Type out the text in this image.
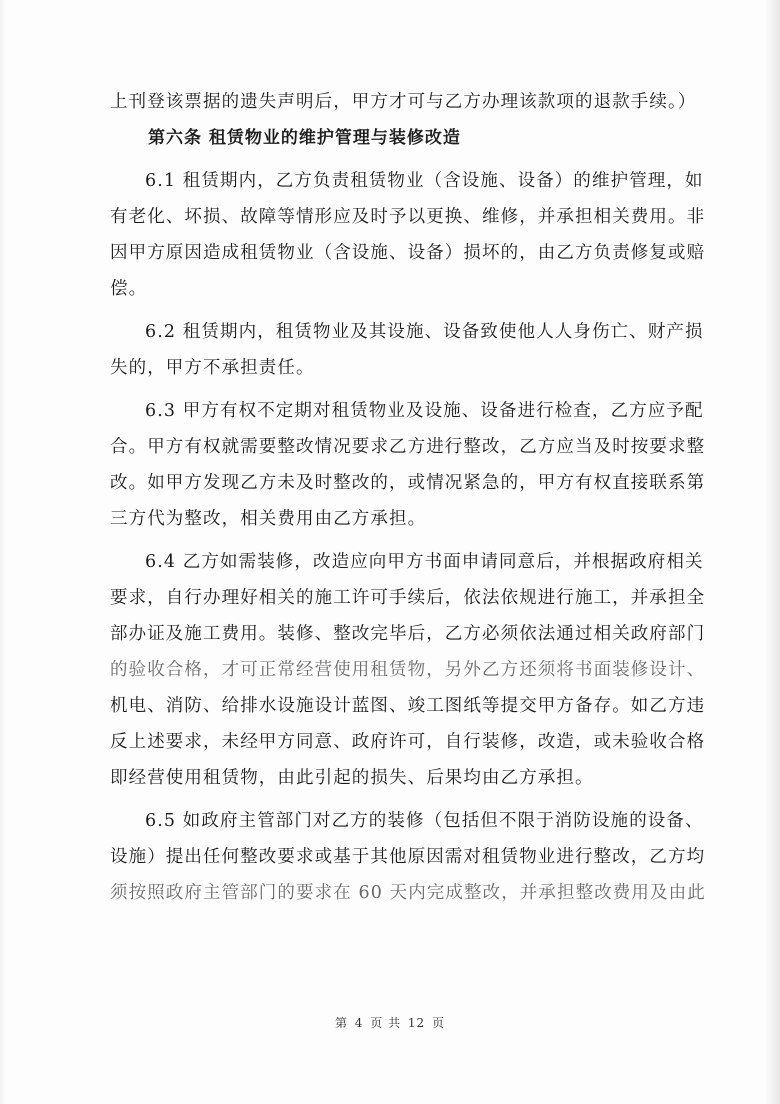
上刊登该票据的遗失声明后，甲方才可与乙方办理该款项的退款手续。）
第六条 租赁物业的维护管理与装修改造
6.1 租赁期内，乙方负责租赁物业（含设施、设备）的维护管理，如
有老化、坏损、故障等情形应及时予以更换、维修，并承担相关费用。非
因甲方原因造成租赁物业（含设施、设备）损坏的，由乙方负责修复或赔
偿。
6.2 租赁期内，租赁物业及其设施、设备致使他人人身伤亡、财产损
失的，甲方不承担责任。
6.3 甲方有权不定期对租赁物业及设施、设备进行检查，乙方应予配
合。甲方有权就需要整改情况要求乙方进行整改，乙方应当及时按要求整
改。如甲方发现乙方未及时整改的，或情况紧急的，甲方有权直接联系第
三方代为整改，相关费用由乙方承担。
6.4 乙方如需装修，改造应向甲方书面申请同意后，并根据政府相关
要求，自行办理好相关的施工许可手续后，依法依规进行施工，并承担全
部办证及施工费用。装修、整改完毕后，乙方必须依法通过相关政府部门
的验收合格，才可正常经营使用租赁物，另外乙方还须将书面装修设计、
机电、消防、给排水设施设计蓝图、竣工图纸等提交甲方备存。如乙方违
反上述要求，未经甲方同意、政府许可，自行装修，改造，或未验收合格
即经营使用租赁物，由此引起的损失、后果均由乙方承担。
6.5 如政府主管部门对乙方的装修（包括但不限于消防设施的设备、
设施）提出任何整改要求或基于其他原因需对租赁物业进行整改，乙方均
须按照政府主管部门的要求在 60 天内完成整改，并承担整改费用及由此
第 4 页 共 12 页
